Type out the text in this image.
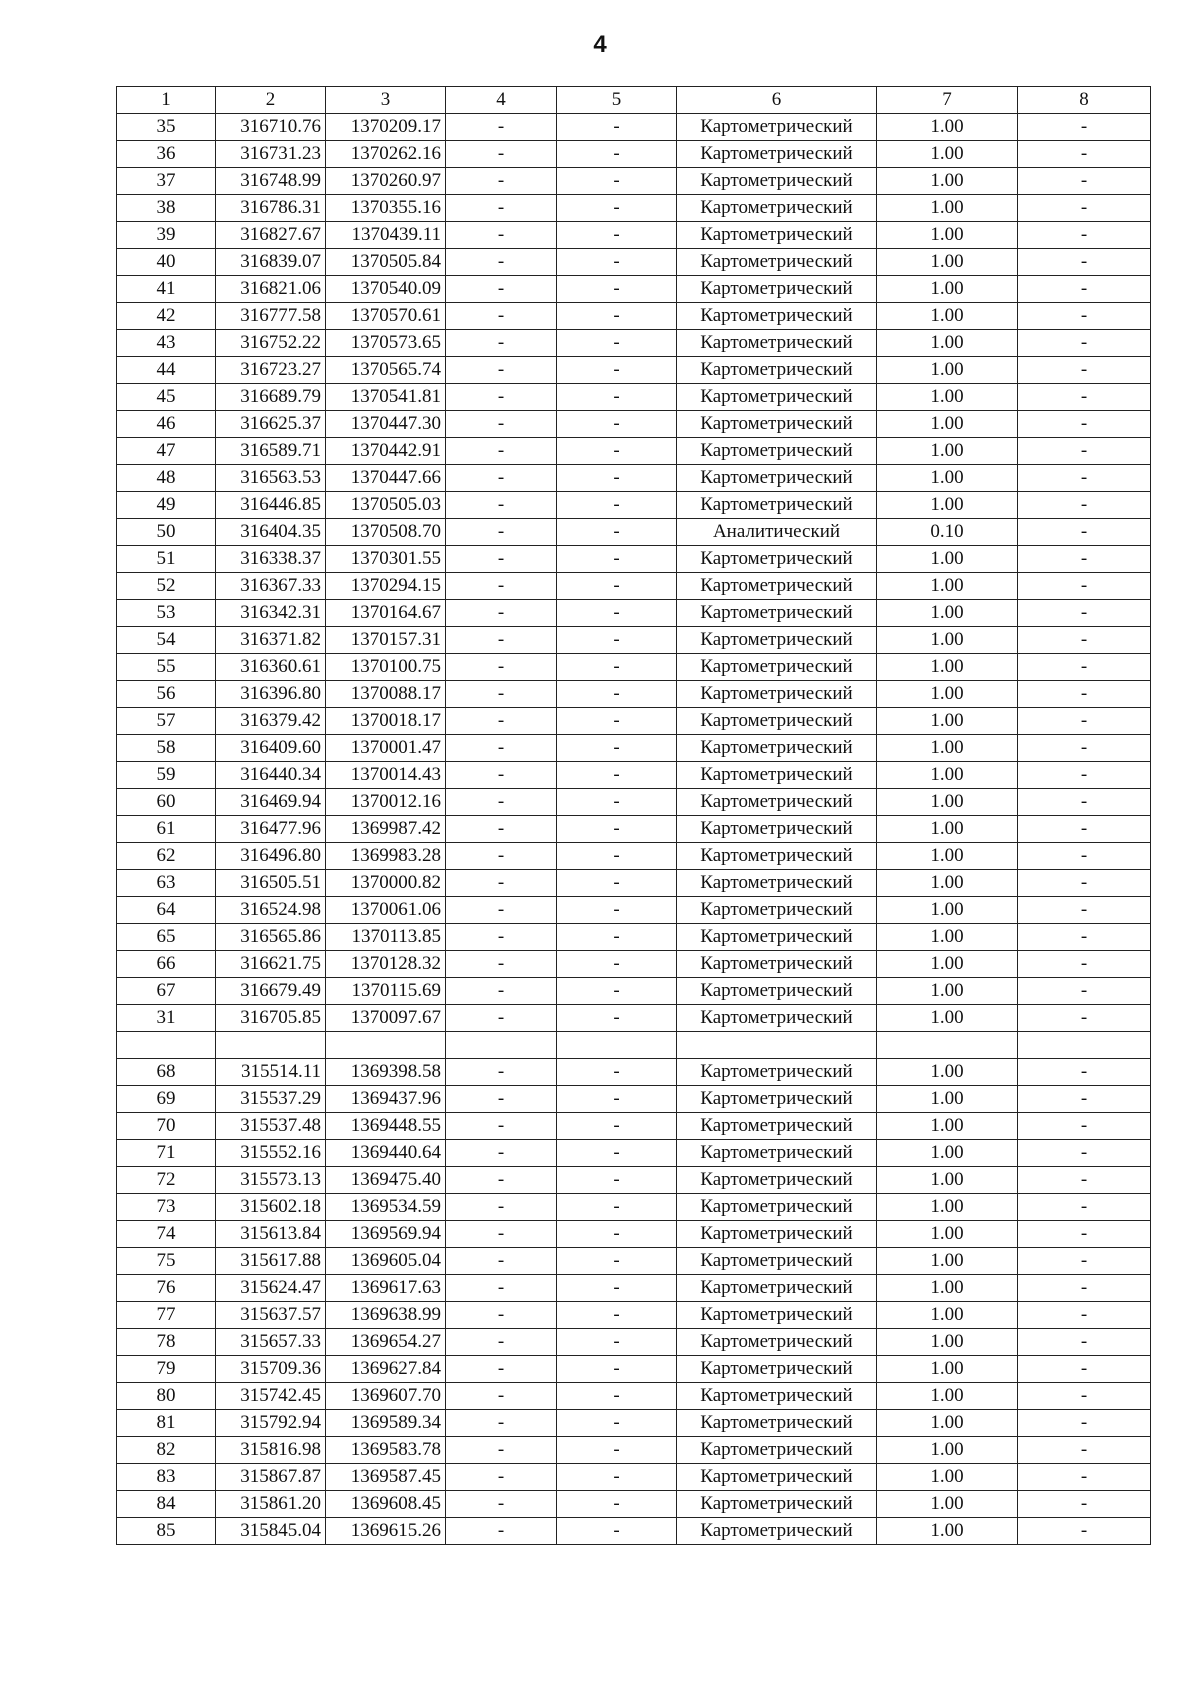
4
1	2	3	4	5	6	7	8
35	316710.76	1370209.17	-	-	Картометрический	1.00	-
36	316731.23	1370262.16	-	-	Картометрический	1.00	-
37	316748.99	1370260.97	-	-	Картометрический	1.00	-
38	316786.31	1370355.16	-	-	Картометрический	1.00	-
39	316827.67	1370439.11	-	-	Картометрический	1.00	-
40	316839.07	1370505.84	-	-	Картометрический	1.00	-
41	316821.06	1370540.09	-	-	Картометрический	1.00	-
42	316777.58	1370570.61	-	-	Картометрический	1.00	-
43	316752.22	1370573.65	-	-	Картометрический	1.00	-
44	316723.27	1370565.74	-	-	Картометрический	1.00	-
45	316689.79	1370541.81	-	-	Картометрический	1.00	-
46	316625.37	1370447.30	-	-	Картометрический	1.00	-
47	316589.71	1370442.91	-	-	Картометрический	1.00	-
48	316563.53	1370447.66	-	-	Картометрический	1.00	-
49	316446.85	1370505.03	-	-	Картометрический	1.00	-
50	316404.35	1370508.70	-	-	Аналитический	0.10	-
51	316338.37	1370301.55	-	-	Картометрический	1.00	-
52	316367.33	1370294.15	-	-	Картометрический	1.00	-
53	316342.31	1370164.67	-	-	Картометрический	1.00	-
54	316371.82	1370157.31	-	-	Картометрический	1.00	-
55	316360.61	1370100.75	-	-	Картометрический	1.00	-
56	316396.80	1370088.17	-	-	Картометрический	1.00	-
57	316379.42	1370018.17	-	-	Картометрический	1.00	-
58	316409.60	1370001.47	-	-	Картометрический	1.00	-
59	316440.34	1370014.43	-	-	Картометрический	1.00	-
60	316469.94	1370012.16	-	-	Картометрический	1.00	-
61	316477.96	1369987.42	-	-	Картометрический	1.00	-
62	316496.80	1369983.28	-	-	Картометрический	1.00	-
63	316505.51	1370000.82	-	-	Картометрический	1.00	-
64	316524.98	1370061.06	-	-	Картометрический	1.00	-
65	316565.86	1370113.85	-	-	Картометрический	1.00	-
66	316621.75	1370128.32	-	-	Картометрический	1.00	-
67	316679.49	1370115.69	-	-	Картометрический	1.00	-
31	316705.85	1370097.67	-	-	Картометрический	1.00	-

68	315514.11	1369398.58	-	-	Картометрический	1.00	-
69	315537.29	1369437.96	-	-	Картометрический	1.00	-
70	315537.48	1369448.55	-	-	Картометрический	1.00	-
71	315552.16	1369440.64	-	-	Картометрический	1.00	-
72	315573.13	1369475.40	-	-	Картометрический	1.00	-
73	315602.18	1369534.59	-	-	Картометрический	1.00	-
74	315613.84	1369569.94	-	-	Картометрический	1.00	-
75	315617.88	1369605.04	-	-	Картометрический	1.00	-
76	315624.47	1369617.63	-	-	Картометрический	1.00	-
77	315637.57	1369638.99	-	-	Картометрический	1.00	-
78	315657.33	1369654.27	-	-	Картометрический	1.00	-
79	315709.36	1369627.84	-	-	Картометрический	1.00	-
80	315742.45	1369607.70	-	-	Картометрический	1.00	-
81	315792.94	1369589.34	-	-	Картометрический	1.00	-
82	315816.98	1369583.78	-	-	Картометрический	1.00	-
83	315867.87	1369587.45	-	-	Картометрический	1.00	-
84	315861.20	1369608.45	-	-	Картометрический	1.00	-
85	315845.04	1369615.26	-	-	Картометрический	1.00	-
